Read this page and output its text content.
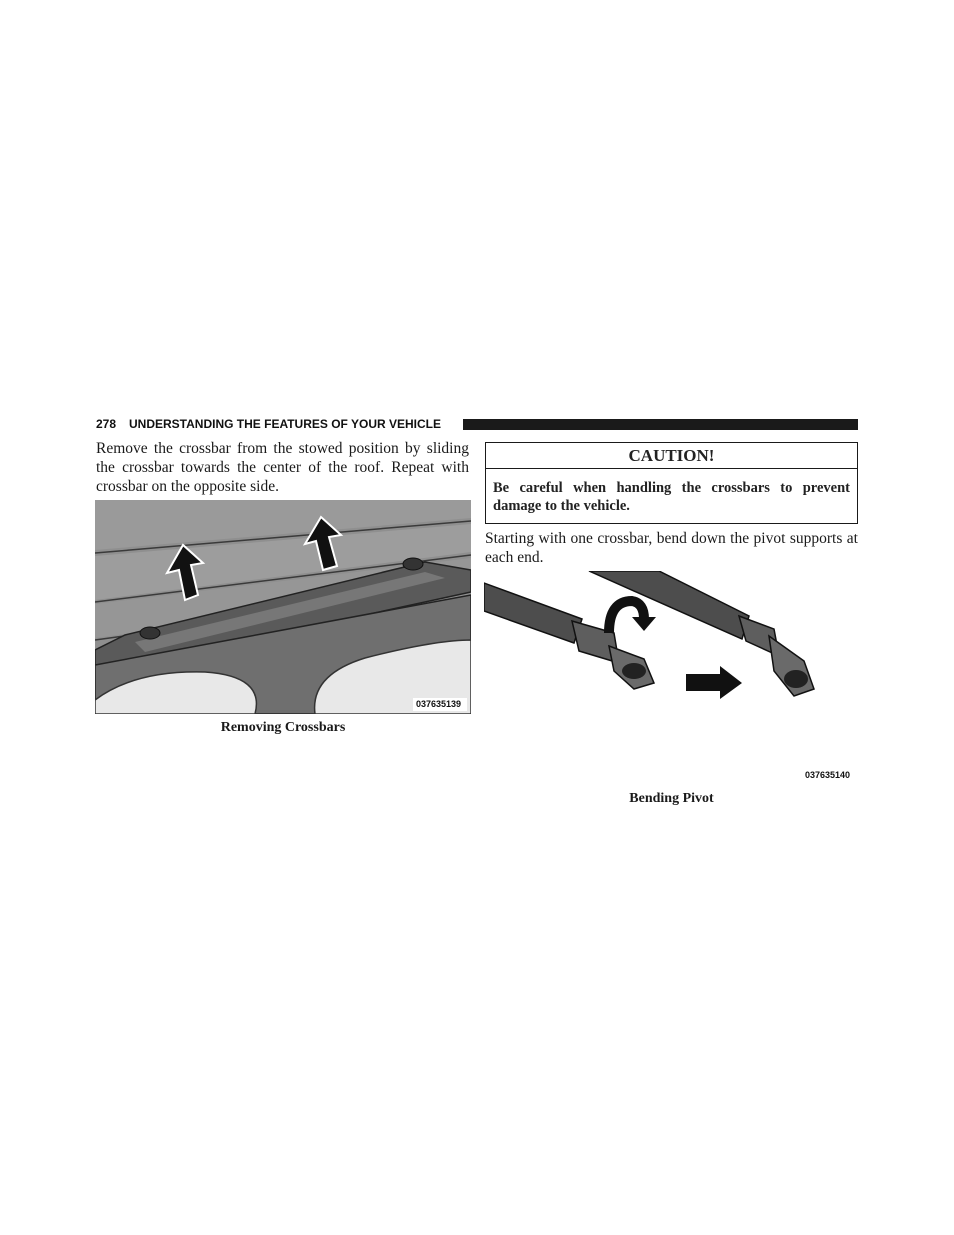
278 UNDERSTANDING THE FEATURES OF YOUR VEHICLE
Remove the crossbar from the stowed position by sliding the crossbar towards the center of the roof. Repeat with crossbar on the opposite side.
037635139
Removing Crossbars
CAUTION!
Be careful when handling the crossbars to prevent damage to the vehicle.
Starting with one crossbar, bend down the pivot supports at each end.
037635140
Bending Pivot
